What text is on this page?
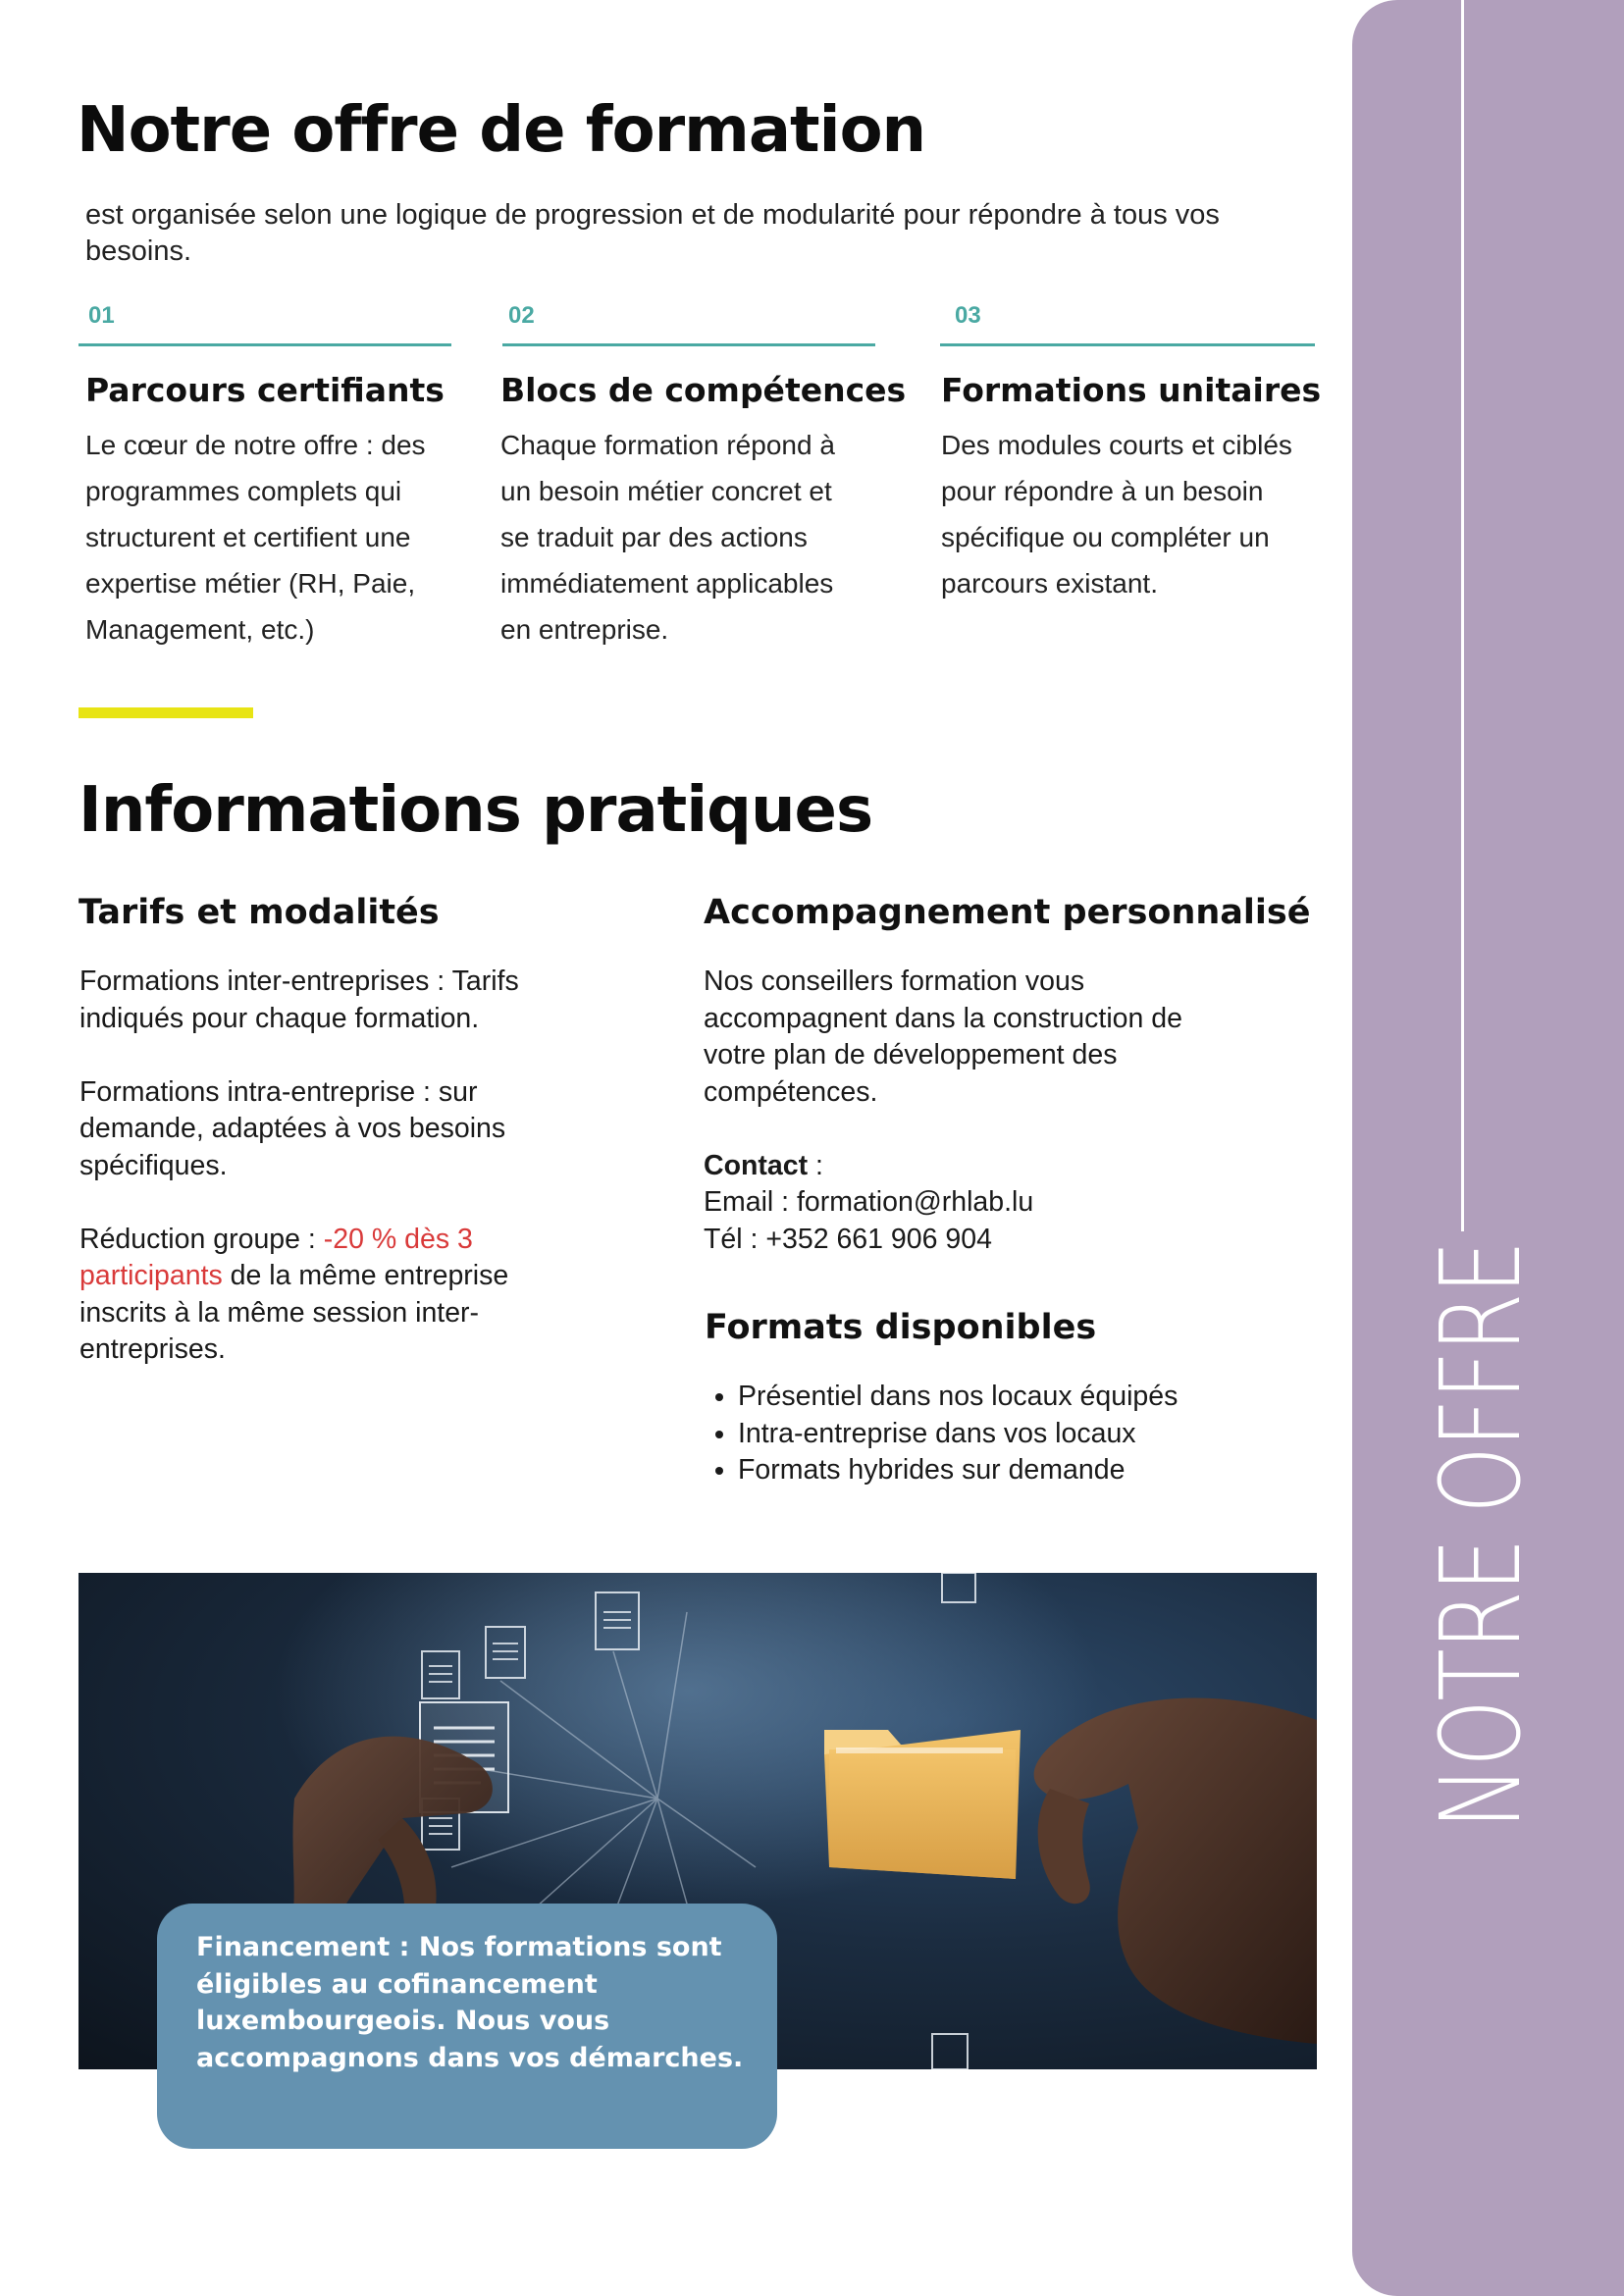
NOTRE OFFRE
Notre offre de formation
est organisée selon une logique de progression et de modularité pour répondre à tous vos besoins.
01
Parcours certifiants
Le cœur de notre offre : des
programmes complets qui
structurent et certifient une
expertise métier (RH, Paie,
Management, etc.)
02
Blocs de compétences
Chaque formation répond à
un besoin métier concret et
se traduit par des actions
immédiatement applicables
en entreprise.
03
Formations unitaires
Des modules courts et ciblés
pour répondre à un besoin
spécifique ou compléter un
parcours existant.
Informations pratiques
Tarifs et modalités
Formations inter-entreprises : Tarifs
indiqués pour chaque formation.
Formations intra-entreprise : sur
demande, adaptées à vos besoins
spécifiques.
Réduction groupe : -20 % dès 3
participants de la même entreprise
inscrits à la même session inter-
entreprises.
Accompagnement personnalisé
Nos conseillers formation vous
accompagnent dans la construction de
votre plan de développement des
compétences.
Contact :
Email : formation@rhlab.lu
Tél : +352 661 906 904
Formats disponibles
• Présentiel dans nos locaux équipés
• Intra-entreprise dans vos locaux
• Formats hybrides sur demande
Financement : Nos formations sont
éligibles au cofinancement
luxembourgeois. Nous vous
accompagnons dans vos démarches.
